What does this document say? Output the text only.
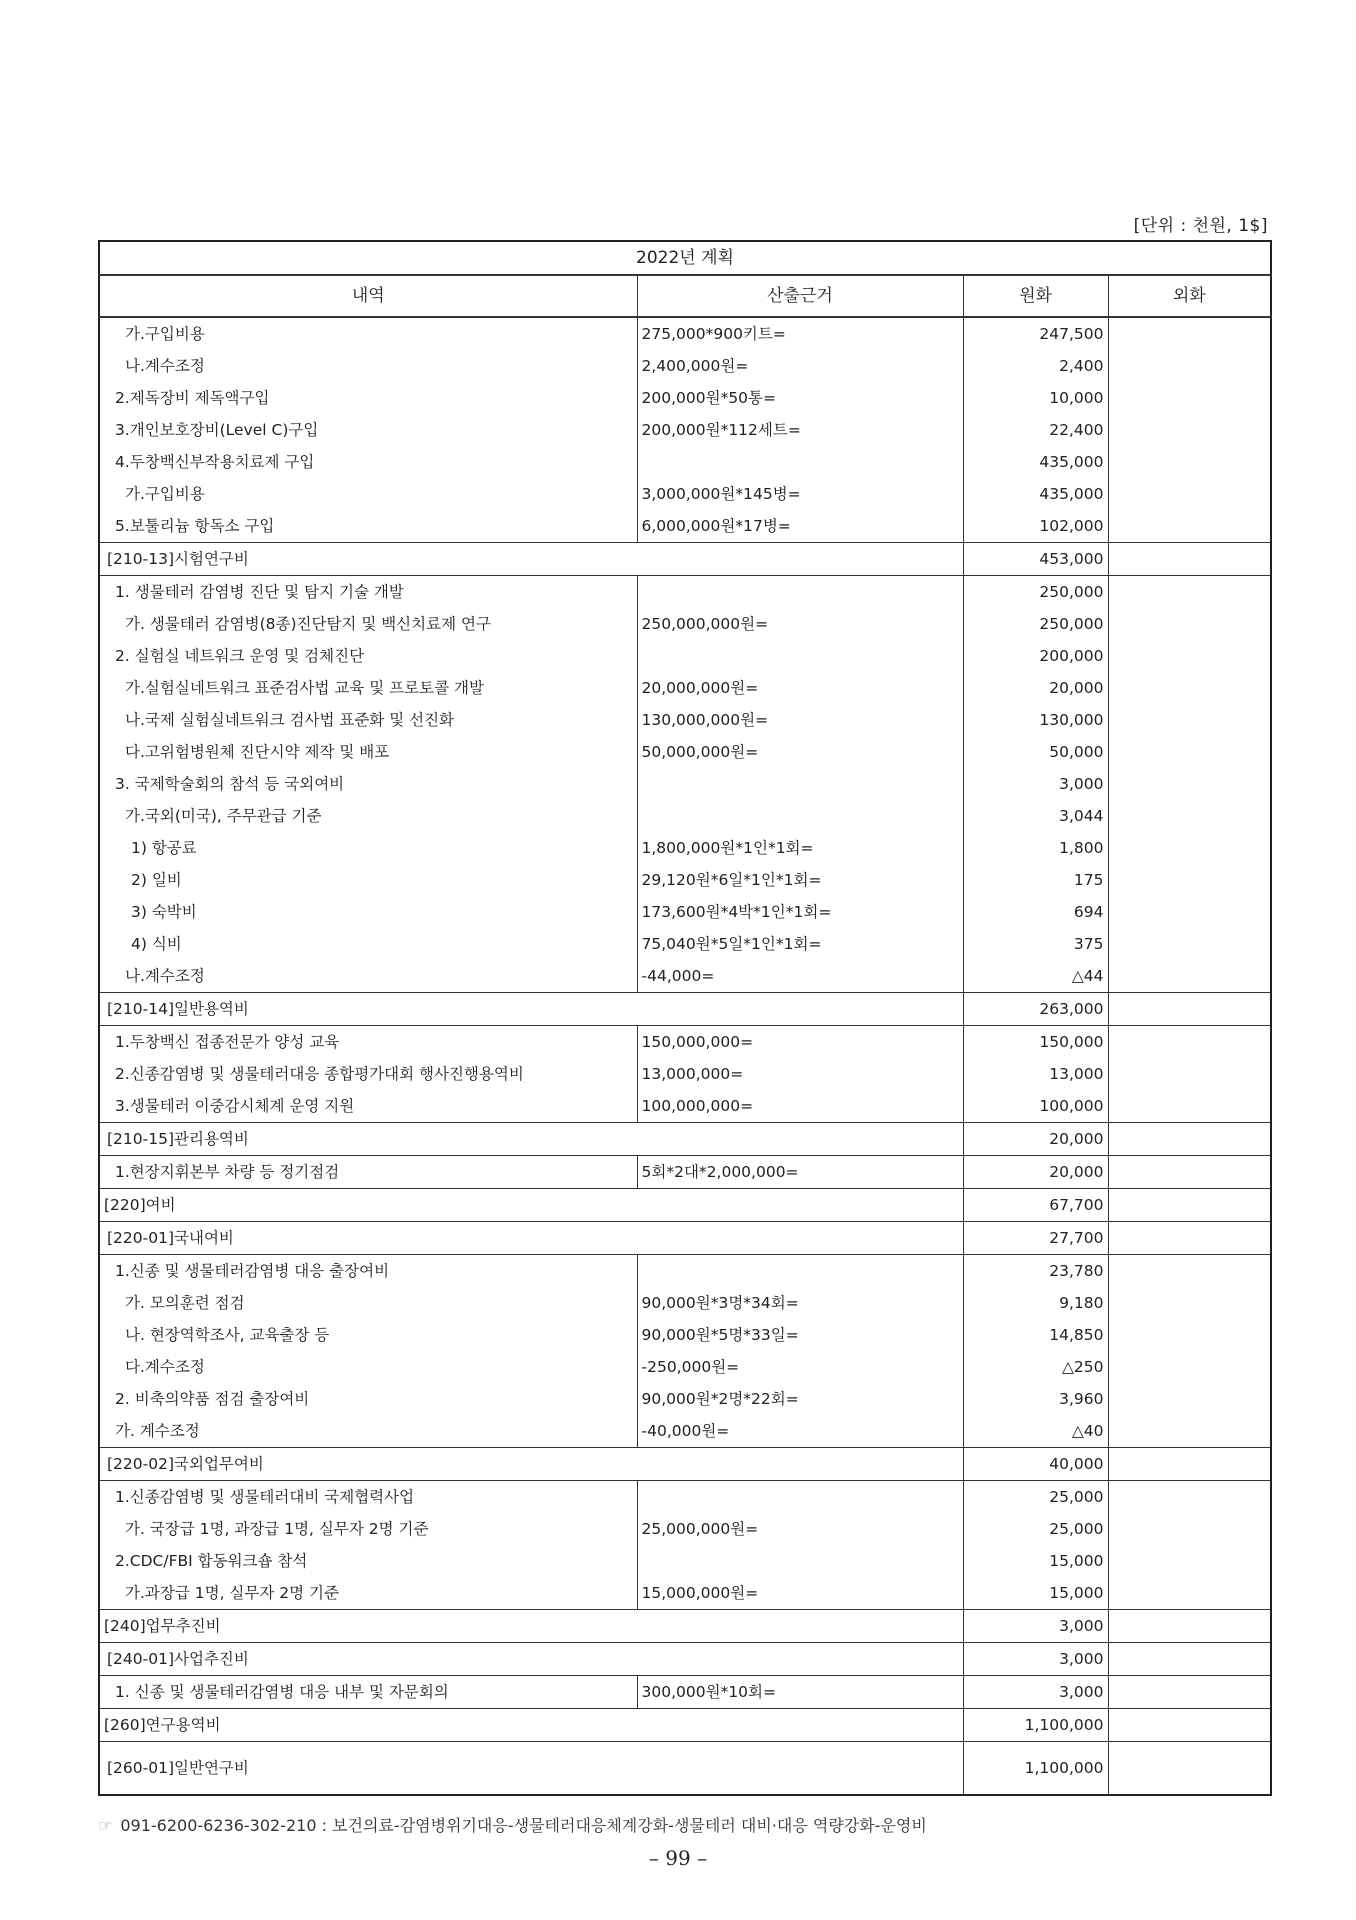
[단위 : 천원, 1$]
2022년 계획			
내역	산출근거	원화	외화
가.구입비용	275,000*900키트=	247,500	
나.계수조정	2,400,000원=	2,400	
2.제독장비 제독액구입	200,000원*50통=	10,000	
3.개인보호장비(Level C)구입	200,000원*112세트=	22,400	
4.두창백신부작용치료제 구입		435,000	
가.구입비용	3,000,000원*145병=	435,000	
5.보툴리늄 항독소 구입	6,000,000원*17병=	102,000	
[210-13]시험연구비		453,000	
1. 생물테러 감염병 진단 및 탐지 기술 개발		250,000	
가. 생물테러 감염병(8종)진단탐지 및 백신치료제 연구	250,000,000원=	250,000	
2. 실험실 네트워크 운영 및 검체진단		200,000	
가.실험실네트워크 표준검사법 교육 및 프로토콜 개발	20,000,000원=	20,000	
나.국제 실험실네트워크 검사법 표준화 및 선진화	130,000,000원=	130,000	
다.고위험병원체 진단시약 제작 및 배포	50,000,000원=	50,000	
3. 국제학술회의 참석 등 국외여비		3,000	
가.국외(미국), 주무관급 기준		3,044	
1) 항공료	1,800,000원*1인*1회=	1,800	
2) 일비	29,120원*6일*1인*1회=	175	
3) 숙박비	173,600원*4박*1인*1회=	694	
4) 식비	75,040원*5일*1인*1회=	375	
나.계수조정	-44,000=	△44	
[210-14]일반용역비		263,000	
1.두창백신 접종전문가 양성 교육	150,000,000=	150,000	
2.신종감염병 및 생물테러대응 종합평가대회 행사진행용역비	13,000,000=	13,000	
3.생물테러 이중감시체계 운영 지원	100,000,000=	100,000	
[210-15]관리용역비		20,000	
1.현장지휘본부 차량 등 정기점검	5회*2대*2,000,000=	20,000	
[220]여비		67,700	
[220-01]국내여비		27,700	
1.신종 및 생물테러감염병 대응 출장여비		23,780	
가. 모의훈련 점검	90,000원*3명*34회=	9,180	
나. 현장역학조사, 교육출장 등	90,000원*5명*33일=	14,850	
다.계수조정	-250,000원=	△250	
2. 비축의약품 점검 출장여비	90,000원*2명*22회=	3,960	
가. 계수조정	-40,000원=	△40	
[220-02]국외업무여비		40,000	
1.신종감염병 및 생물테러대비 국제협력사업		25,000	
가. 국장급 1명, 과장급 1명, 실무자 2명 기준	25,000,000원=	25,000	
2.CDC/FBI 합동워크숍 참석		15,000	
가.과장급 1명, 실무자 2명 기준	15,000,000원=	15,000	
[240]업무추진비		3,000	
[240-01]사업추진비		3,000	
1. 신종 및 생물테러감염병 대응 내부 및 자문회의	300,000원*10회=	3,000	
[260]연구용역비		1,100,000	
[260-01]일반연구비		1,100,000	
☞ 091-6200-6236-302-210 : 보건의료-감염병위기대응-생물테러대응체계강화-생물테러 대비·대응 역량강화-운영비
– 99 –
